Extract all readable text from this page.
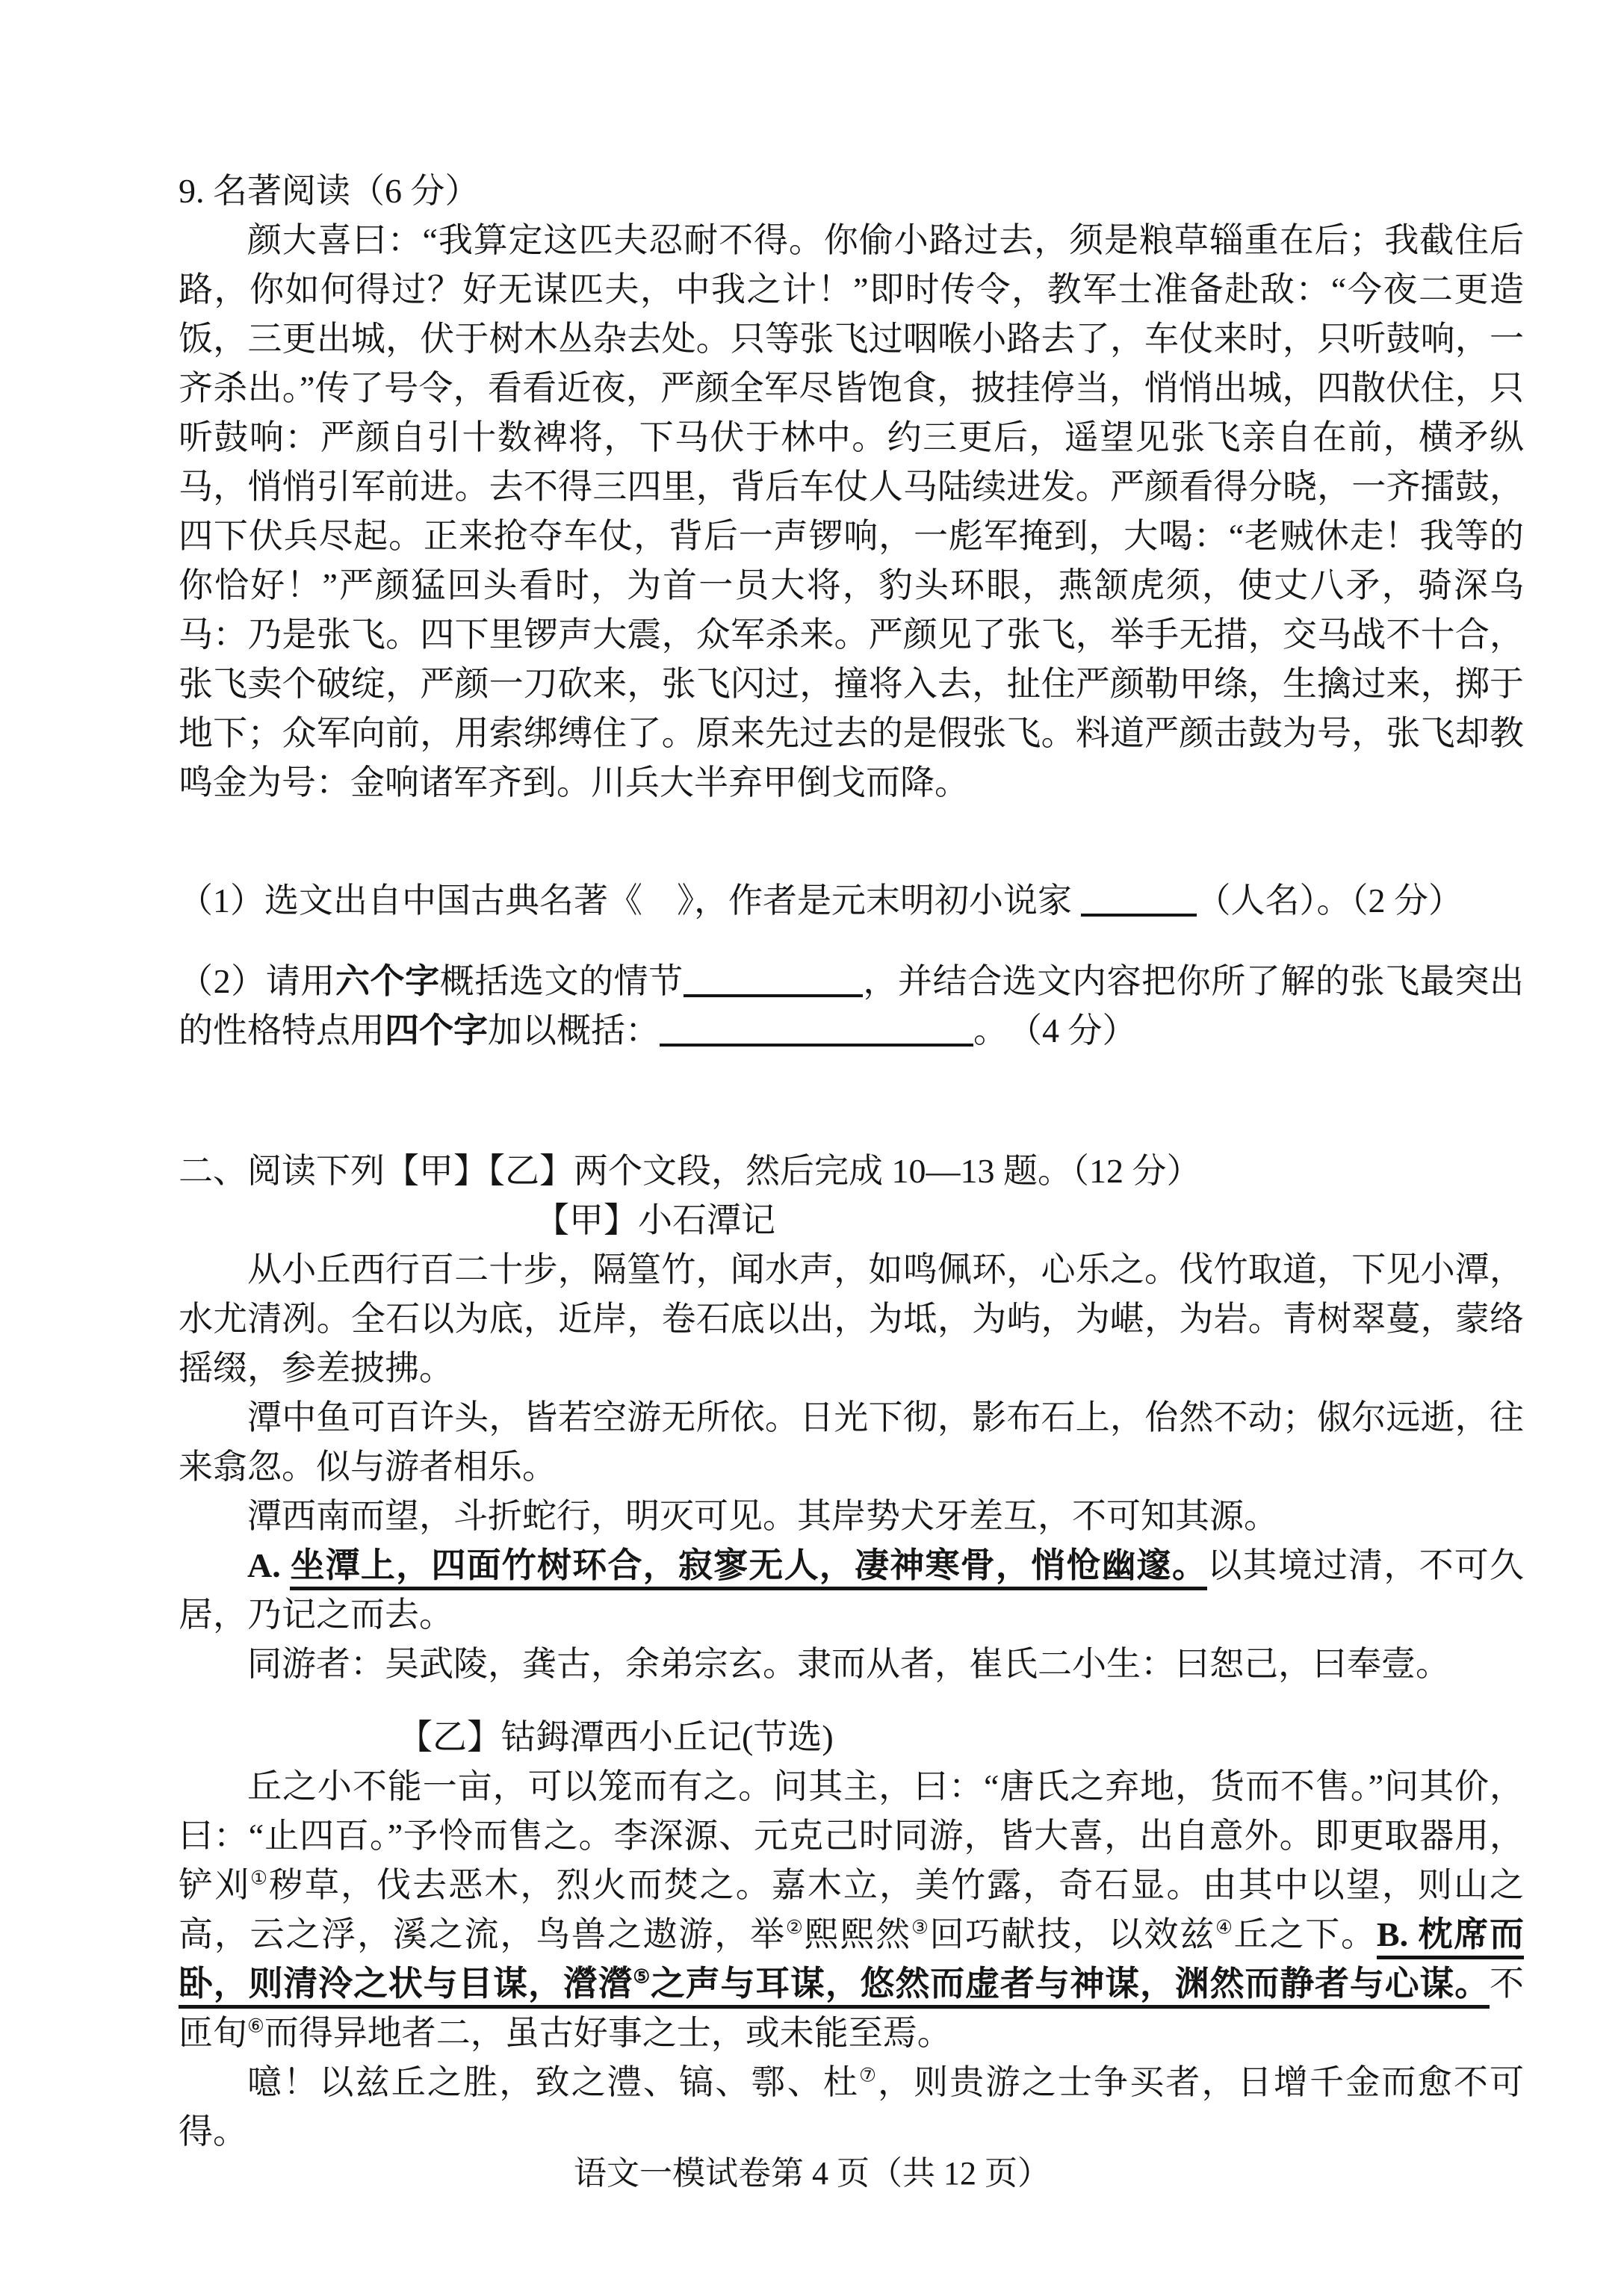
9. 名著阅读（6 分）

颜大喜曰：“我算定这匹夫忍耐不得。你偷小路过去，须是粮草辎重在后；我截住后路，你如何得过？好无谋匹夫，中我之计！”即时传令，教军士准备赴敌：“今夜二更造饭，三更出城，伏于树木丛杂去处。只等张飞过咽喉小路去了，车仗来时，只听鼓响，一齐杀出。”传了号令，看看近夜，严颜全军尽皆饱食，披挂停当，悄悄出城，四散伏住，只听鼓响：严颜自引十数裨将，下马伏于林中。约三更后，遥望见张飞亲自在前，横矛纵马，悄悄引军前进。去不得三四里，背后车仗人马陆续进发。严颜看得分晓，一齐擂鼓，四下伏兵尽起。正来抢夺车仗，背后一声锣响，一彪军掩到，大喝：“老贼休走！我等的你恰好！”严颜猛回头看时，为首一员大将，豹头环眼，燕颔虎须，使丈八矛，骑深乌马：乃是张飞。四下里锣声大震，众军杀来。严颜见了张飞，举手无措，交马战不十合，张飞卖个破绽，严颜一刀砍来，张飞闪过，撞将入去，扯住严颜勒甲绦，生擒过来，掷于地下；众军向前，用索绑缚住了。原来先过去的是假张飞。料道严颜击鼓为号，张飞却教鸣金为号：金响诸军齐到。川兵大半弃甲倒戈而降。

（1）选文出自中国古典名著《　》，作者是元末明初小说家	（人名）。（2 分）

（2）请用六个字概括选文的情节	，并结合选文内容把你所了解的张飞最突出的性格特点用四个字加以概括：	。　（4 分）

二、阅读下列【甲】【乙】两个文段，然后完成 10—13 题。（12 分）

【甲】小石潭记

从小丘西行百二十步，隔篁竹，闻水声，如鸣佩环，心乐之。伐竹取道，下见小潭，水尤清冽。全石以为底，近岸，卷石底以出，为坻，为屿，为嵁，为岩。青树翠蔓，蒙络摇缀，参差披拂。

潭中鱼可百许头，皆若空游无所依。日光下彻，影布石上，佁然不动；俶尔远逝，往来翕忽。似与游者相乐。

潭西南而望，斗折蛇行，明灭可见。其岸势犬牙差互，不可知其源。

A. 坐潭上，四面竹树环合，寂寥无人，凄神寒骨，悄怆幽邃。以其境过清，不可久居，乃记之而去。

同游者：吴武陵，龚古，余弟宗玄。隶而从者，崔氏二小生：曰恕己，曰奉壹。

【乙】钴鉧潭西小丘记(节选)

丘之小不能一亩，可以笼而有之。问其主，曰：“唐氏之弃地，货而不售。”问其价，曰：“止四百。”予怜而售之。李深源、元克己时同游，皆大喜，出自意外。即更取器用，铲刈①秽草，伐去恶木，烈火而焚之。嘉木立，美竹露，奇石显。由其中以望，则山之高，云之浮，溪之流，鸟兽之遨游，举②熙熙然③回巧献技，以效兹④丘之下。B. 枕席而卧，则清泠之状与目谋，瀯瀯⑤之声与耳谋，悠然而虚者与神谋，渊然而静者与心谋。不匝旬⑥而得异地者二，虽古好事之士，或未能至焉。

噫！以兹丘之胜，致之澧、镐、鄠、杜⑦，则贵游之士争买者，日增千金而愈不可得。

语文一模试卷第 4 页（共 12 页）
